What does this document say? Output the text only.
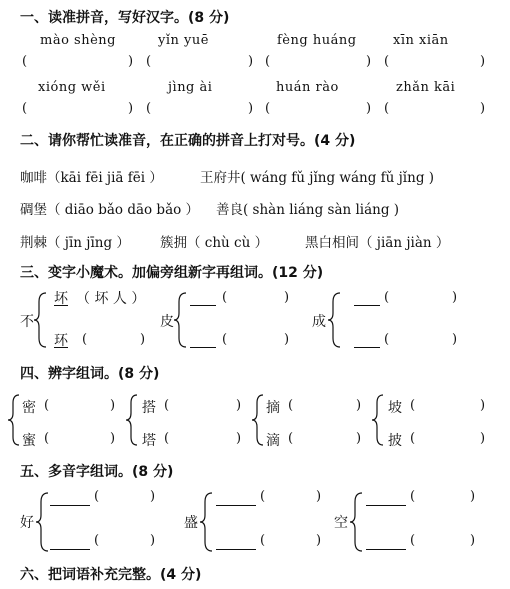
一、读准拼音，写好汉字。(8 分)
mào shèng	yǐn yuē	fèng huáng	xīn xiān
(	) (	) (	) (	)
xióng wěi	jìng ài	huán rào	zhǎn kāi
(	) (	) (	) (	)
二、请你帮忙读准音，在正确的拼音上打对号。(4 分)
咖啡（kāi fēi jiā fēi ）	王府井( wáng fǔ jǐng wáng fǔ jǐng )
碉堡（ diāo bǎo dāo bǎo ） 善良( shàn liáng sàn liáng )
荆棘（ jīn jīng ） 簇拥（ chù cù ）	黑白相间（ jiān jiàn ）
三、变字小魔术。加偏旁组新字再组词。(12 分)
不
坏 （ 坏 人 ）
环 (	)
皮
(	)
(	)
成
(	)
(	)
四、辨字组词。(8 分)
密 (	)
蜜 (	)
搭 (	)
塔 (	)
摘 (	)
滴 (	)
坡 (	)
披 (	)
五、多音字组词。(8 分)
好
(	)
(	)
盛
(	)
(	)
空
(	)
(	)
六、把词语补充完整。(4 分)
